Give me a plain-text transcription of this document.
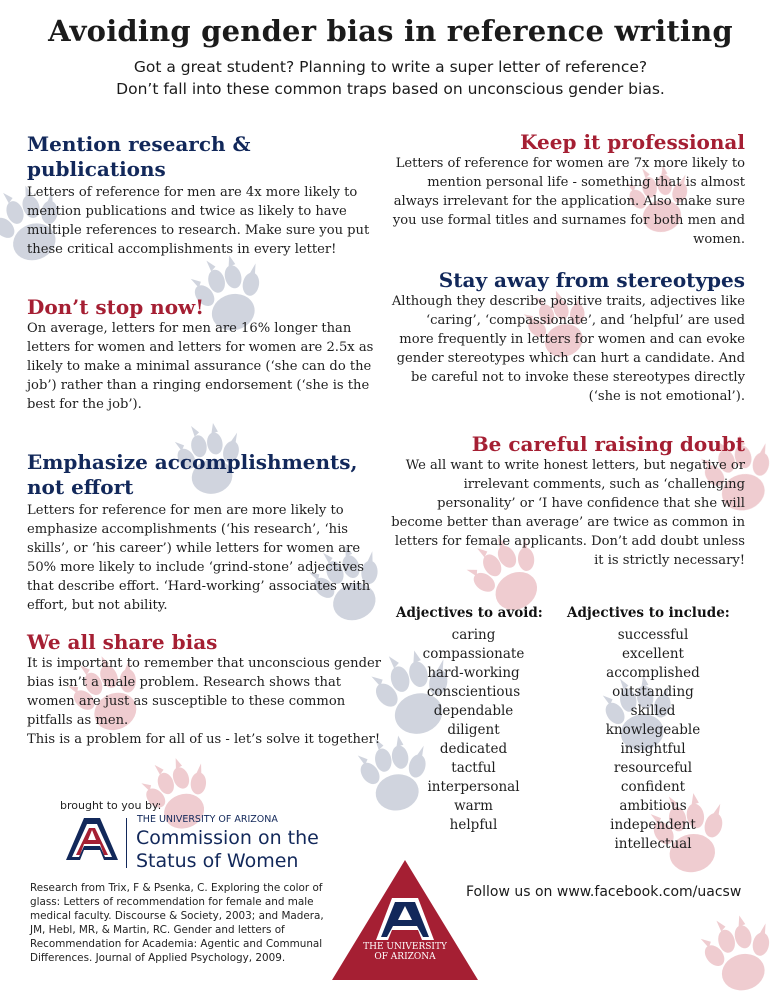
Avoiding gender bias in reference writing
Got a great student? Planning to write a super letter of reference?
Don’t fall into these common traps based on unconscious gender bias.
Mention research & publications

Letters of reference for men are 4x more likely to mention publications and twice as likely to have multiple references to research. Make sure you put these critical accomplishments in every letter!

Don’t stop now!

On average, letters for men are 16% longer than letters for women and letters for women are 2.5x as likely to make a minimal assurance (‘she can do the job’) rather than a ringing endorsement (‘she is the best for the job’).

Emphasize accomplishments, not effort

Letters for reference for men are more likely to emphasize accomplishments (‘his research’, ‘his skills’, or ‘his career’) while letters for women are 50% more likely to include ‘grind-stone’ adjectives that describe effort. ‘Hard-working’ associates with effort, but not ability.

We all share bias

It is important to remember that unconscious gender bias isn’t a male problem. Research shows that women are just as susceptible to these common pitfalls as men.

This is a problem for all of us - let’s solve it together!

Keep it professional

Letters of reference for women are 7x more likely to mention personal life - something that is almost always irrelevant for the application. Also make sure you use formal titles and surnames for both men and women.

Stay away from stereotypes

Although they describe positive traits, adjectives like ‘caring’, ‘compassionate’, and ‘helpful’ are used more frequently in letters for women and can evoke gender stereotypes which can hurt a candidate. And be careful not to invoke these stereotypes directly (‘she is not emotional’).

Be careful raising doubt

We all want to write honest letters, but negative or irrelevant comments, such as ‘challenging personality’ or ‘I have confidence that she will become better than average’ are twice as common in letters for female applicants. Don’t add doubt unless it is strictly necessary!

Adjectives to avoid: Adjectives to include:
caring
compassionate
hard-working
conscientious
dependable
diligent
dedicated
tactful
interpersonal
warm
helpful
successful
excellent
accomplished
outstanding
skilled
knowlegeable
insightful
resourceful
confident
ambitious
independent
intellectual
brought to you by:
THE UNIVERSITY OF ARIZONA
Commission on the
Status of Women
Research from Trix, F & Psenka, C. Exploring the color of glass: Letters of recommendation for female and male medical faculty. Discourse & Society, 2003; and Madera, JM, Hebl, MR, & Martin, RC. Gender and letters of Recommendation for Academia: Agentic and Communal Differences. Journal of Applied Psychology, 2009.
THE UNIVERSITY
OF ARIZONA
Follow us on www.facebook.com/uacsw
